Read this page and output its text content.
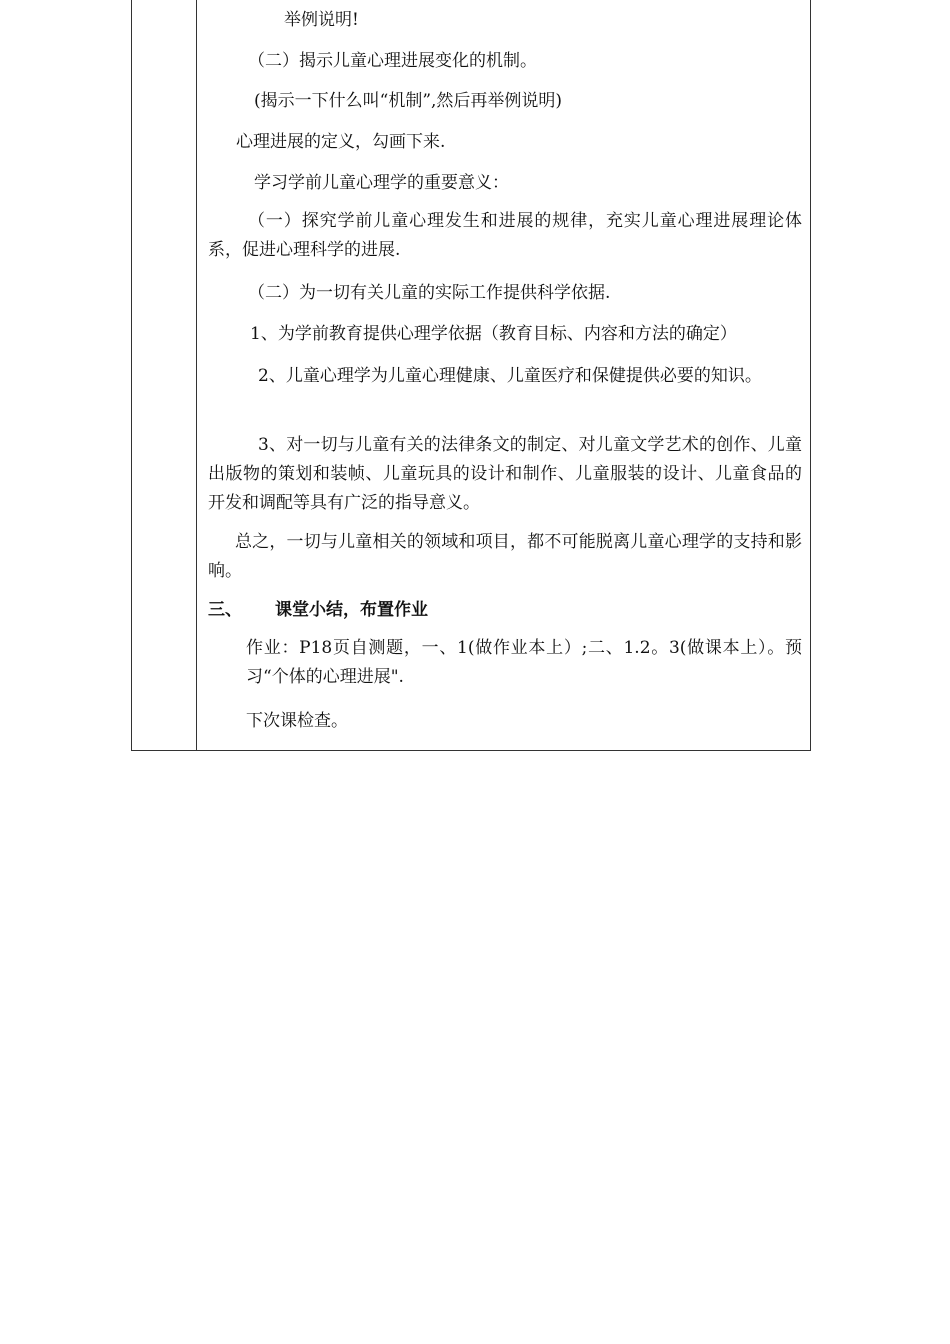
举例说明!
（二）揭示儿童心理进展变化的机制。
(揭示一下什么叫“机制”,然后再举例说明)
心理进展的定义，勾画下来.
学习学前儿童心理学的重要意义：
（一）探究学前儿童心理发生和进展的规律，充实儿童心理进展理论体系，促进心理科学的进展.
（二）为一切有关儿童的实际工作提供科学依据.
1、为学前教育提供心理学依据（教育目标、内容和方法的确定）
2、儿童心理学为儿童心理健康、儿童医疗和保健提供必要的知识。
3、对一切与儿童有关的法律条文的制定、对儿童文学艺术的创作、儿童出版物的策划和装帧、儿童玩具的设计和制作、儿童服装的设计、儿童食品的开发和调配等具有广泛的指导意义。
总之，一切与儿童相关的领域和项目，都不可能脱离儿童心理学的支持和影响。
三、 课堂小结，布置作业
作业：P18页自测题，一、1(做作业本上）;二、1.2。3(做课本上）。预习“个体的心理进展".
下次课检查。
